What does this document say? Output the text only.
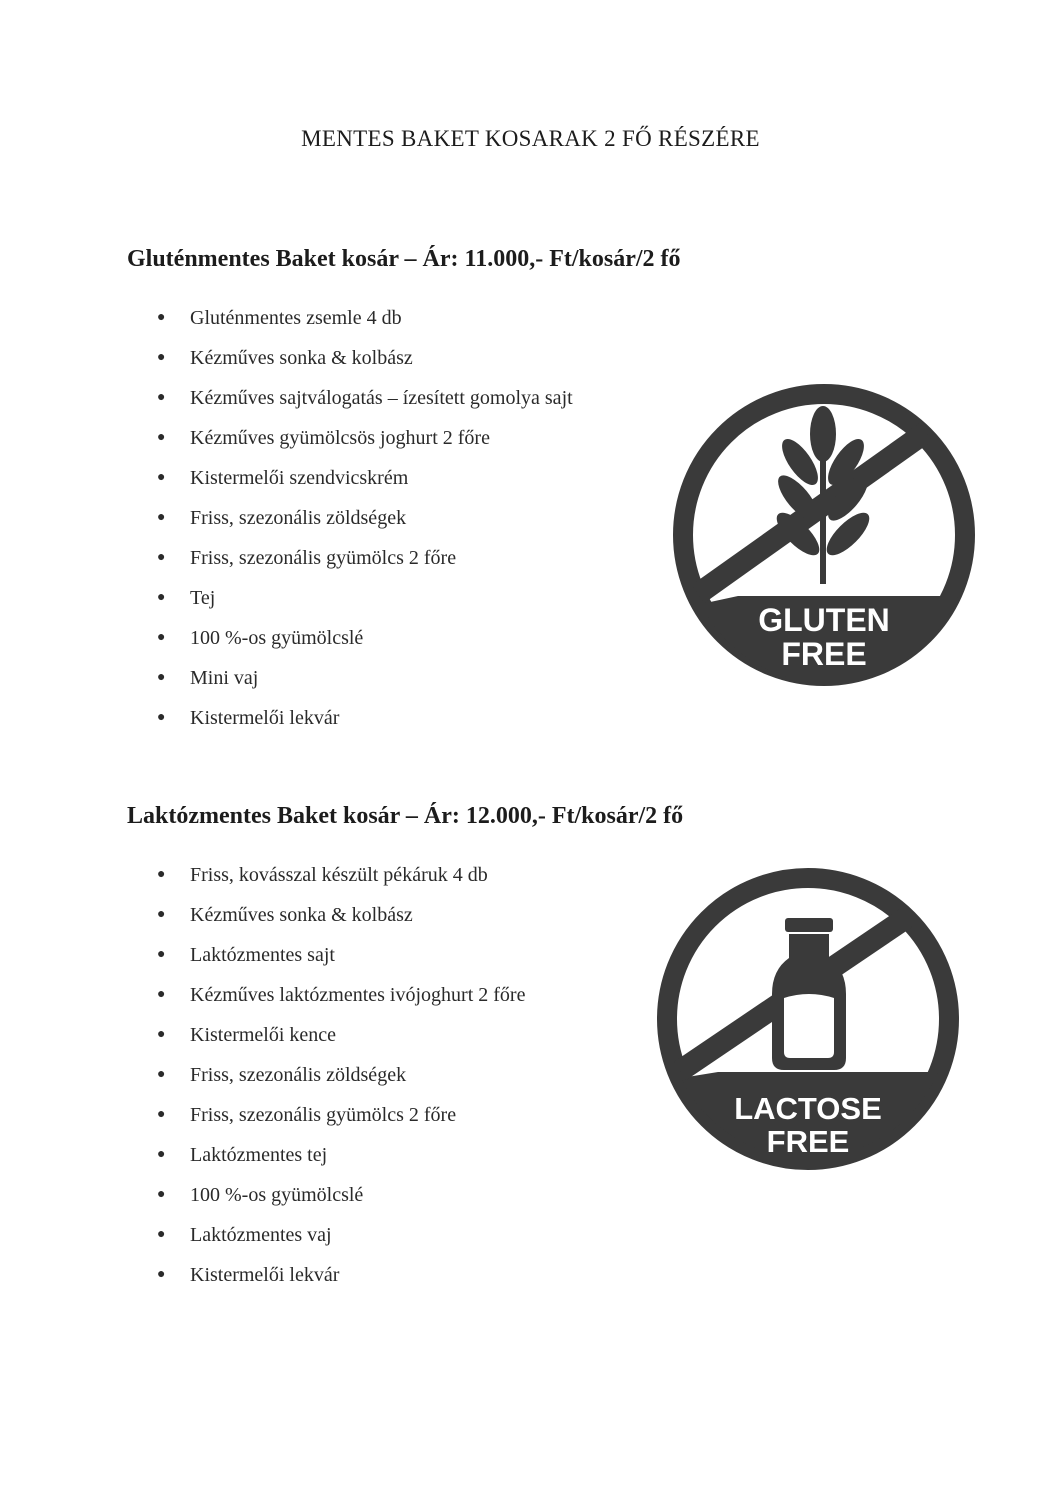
MENTES BAKET KOSARAK 2 FŐ RÉSZÉRE
Gluténmentes Baket kosár – Ár: 11.000,- Ft/kosár/2 fő
●	Gluténmentes zsemle 4 db
●	Kézműves sonka & kolbász
●	Kézműves sajtválogatás – ízesített gomolya sajt
●	Kézműves gyümölcsös joghurt 2 főre
●	Kistermelői szendvicskrém
●	Friss, szezonális zöldségek
●	Friss, szezonális gyümölcs 2 főre
●	Tej
●	100 %-os gyümölcslé
●	Mini vaj
●	Kistermelői lekvár
GLUTEN
FREE
Laktózmentes Baket kosár – Ár: 12.000,- Ft/kosár/2 fő
●	Friss, kovásszal készült pékáruk 4 db
●	Kézműves sonka & kolbász
●	Laktózmentes sajt
●	Kézműves laktózmentes ivójoghurt 2 főre
●	Kistermelői kence
●	Friss, szezonális zöldségek
●	Friss, szezonális gyümölcs 2 főre
●	Laktózmentes tej
●	100 %-os gyümölcslé
●	Laktózmentes vaj
●	Kistermelői lekvár
LACTOSE
FREE
